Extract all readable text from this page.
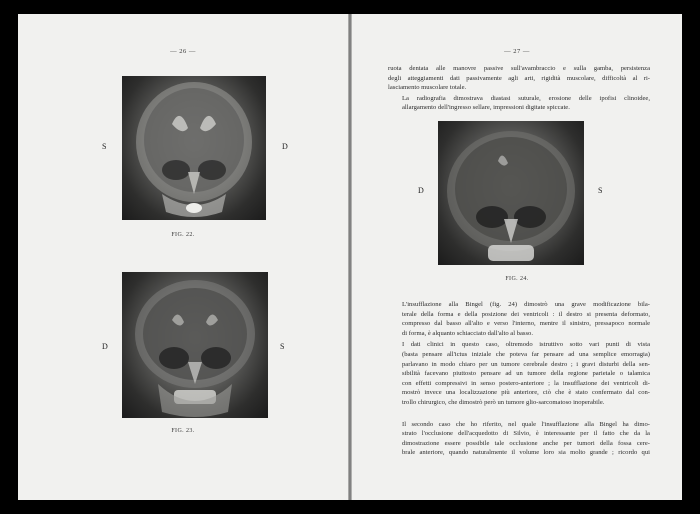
— 26 —
S	D
FIG. 22.
D	S
FIG. 23.
— 27 —

ruota dentata alle manovre passive sull'avambraccio e sulla gamba, persistenza
degli atteggiamenti dati passivamente agli arti, rigidità muscolare, difficoltà al ri-
lasciamento muscolare totale.

La radiografia dimostrava diastasi suturale, erosione delle ipofisi clinoidee,
allargamento dell'ingresso sellare, impressioni digitate spiccate.

D	S
FIG. 24.

L'insufflazione alla Bingel (fig. 24) dimostrò una grave modificazione bila-
terale della forma e della posizione dei ventricoli : il destro si presenta deformato,
compresso dal basso all'alto e verso l'interno, mentre il sinistro, pressapoco normale
di forma, è alquanto schiacciato dall'alto al basso.

I dati clinici in questo caso, oltremodo istruttivo sotto vari punti di vista
(basta pensare all'ictus iniziale che poteva far pensare ad una semplice emorragia)
parlavano in modo chiaro per un tumore cerebrale destro ; i gravi disturbi della sen-
sibilità facevano piuttosto pensare ad un tumore della regione parietale o talamica
con effetti compressivi in senso postero-anteriore ; la insufflazione dei ventricoli di-
mostrò invece una localizzazione più anteriore, ciò che è stato confermato dal con-
trollo chirurgico, che dimostrò però un tumore glio-sarcomatoso inoperabile.

Il secondo caso che ho riferito, nel quale l'insufflazione alla Bingel ha dimo-
strato l'occlusione dell'acquedotto di Silvio, è interessante per il fatto che da la
dimostrazione essere possibile tale occlusione anche per tumori della fossa cere-
brale anteriore, quando naturalmente il volume loro sia molto grande ; ricordo qui
